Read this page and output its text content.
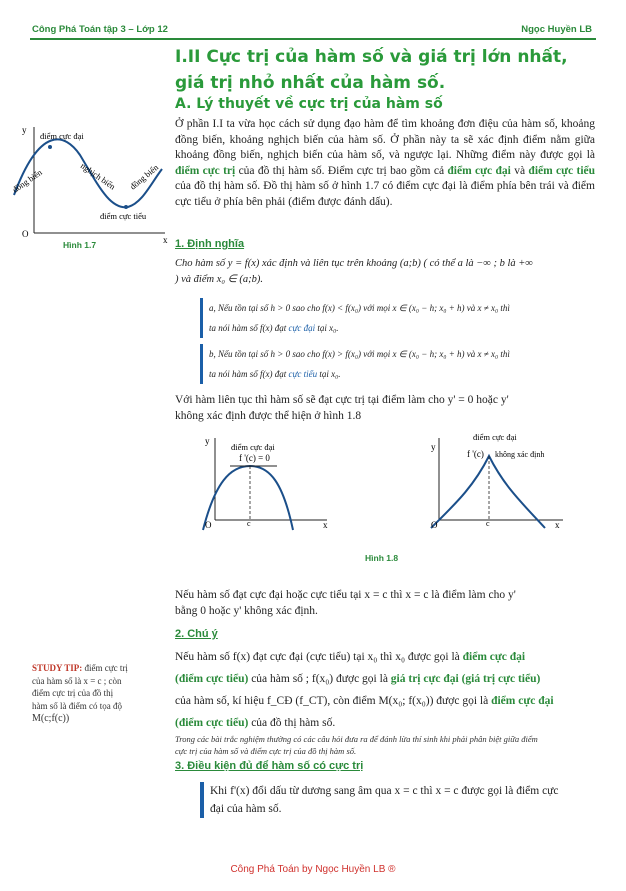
Công Phá Toán tập 3 – Lớp 12	Ngọc Huyền LB
I.II Cực trị của hàm số và giá trị lớn nhất, giá trị nhỏ nhất của hàm số.
A. Lý thuyết về cực trị của hàm số
Ở phần I.I ta vừa học cách sử dụng đạo hàm để tìm khoảng đơn điệu của hàm số, khoảng đồng biến, khoảng nghịch biến của hàm số. Ở phần này ta sẽ xác định điểm nằm giữa khoảng đồng biến, nghịch biến của hàm số, và ngược lại. Những điểm này được gọi là điểm cực trị của đồ thị hàm số. Điểm cực trị bao gồm cả điểm cực đại và điểm cực tiểu của đồ thị hàm số. Đồ thị hàm số ở hình 1.7 có điểm cực đại là điểm phía bên trái và điểm cực tiểu ở phía bên phải (điểm được đánh dấu).
y
x
O
điểm cực đại
điểm cực tiểu
đồng biến	nghịch biến đồng biến
Hình 1.7	1. Định nghĩa
Cho hàm số y = f(x) xác định và liên tục trên khoảng (a;b) ( có thể a là −∞ ; b là +∞
) và điểm x₀ ∈ (a;b).
a, Nếu tồn tại số h > 0 sao cho f(x) < f(x₀) với mọi x ∈ (x₀ − h; x₀ + h) và x ≠ x₀ thì
ta nói hàm số f(x) đạt cực đại tại x₀.
b, Nếu tồn tại số h > 0 sao cho f(x) > f(x₀) với mọi x ∈ (x₀ − h; x₀ + h) và x ≠ x₀ thì
ta nói hàm số f(x) đạt cực tiểu tại x₀.
Với hàm liên tục thì hàm số sẽ đạt cực trị tại điểm làm cho y' = 0 hoặc y'
không xác định được thể hiện ở hình 1.8
y
x
O	c
điểm cực đại
f '(c) = 0
y
x
O	c
điểm cực đại
f '(c) không xác định
Hình 1.8
Nếu hàm số đạt cực đại hoặc cực tiểu tại x = c thì x = c là điểm làm cho y'
bằng 0 hoặc y' không xác định.
STUDY TIP: điểm cực trị
của hàm số là x = c ; còn
điểm cực trị của đồ thị
hàm số là điểm có tọa độ
M(c;f(c))
2. Chú ý
Nếu hàm số f(x) đạt cực đại (cực tiểu) tại x₀ thì x₀ được gọi là điểm cực đại
(điểm cực tiểu) của hàm số ; f(x₀) được gọi là giá trị cực đại (giá trị cực tiểu)
của hàm số, kí hiệu f_CĐ (f_CT), còn điểm M(x₀; f(x₀)) được gọi là điểm cực đại
(điểm cực tiểu) của đồ thị hàm số.
Trong các bài trắc nghiệm thường có các câu hỏi đưa ra để đánh lừa thí sinh khi phải phân biệt giữa điểm
cực trị của hàm số và điểm cực trị của đồ thị hàm số.
3. Điều kiện đủ để hàm số có cực trị
Khi f'(x) đổi dấu từ dương sang âm qua x = c thì x = c được gọi là điểm cực
đại của hàm số.
Công Phá Toán by Ngọc Huyền LB ®
